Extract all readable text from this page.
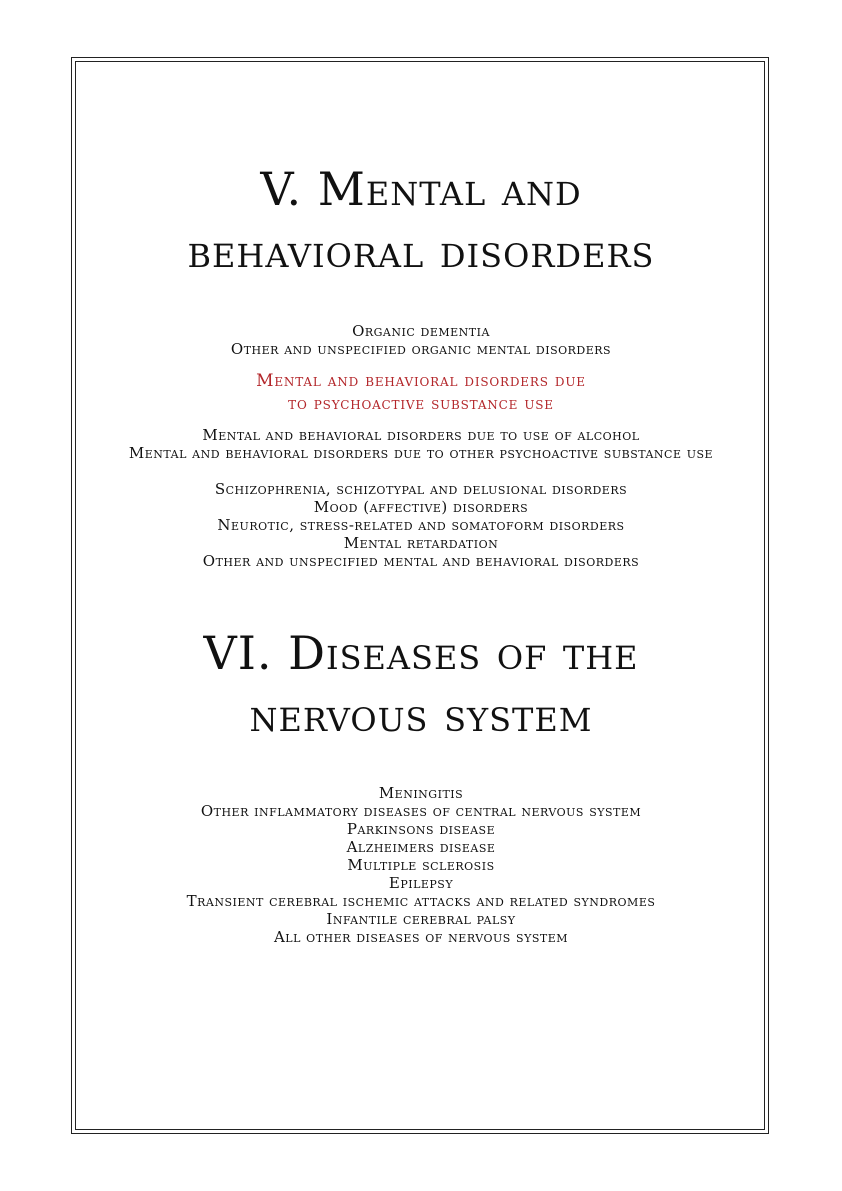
V. Mental and
behavioral disorders
Organic dementia
Other and unspecified organic mental disorders
Mental and behavioral disorders due
to psychoactive substance use
Mental and behavioral disorders due to use of alcohol
Mental and behavioral disorders due to other psychoactive substance use
Schizophrenia, schizotypal and delusional disorders
Mood (affective) disorders
Neurotic, stress-related and somatoform disorders
Mental retardation
Other and unspecified mental and behavioral disorders
VI. Diseases of the
nervous system
Meningitis
Other inflammatory diseases of central nervous system
Parkinsons disease
Alzheimers disease
Multiple sclerosis
Epilepsy
Transient cerebral ischemic attacks and related syndromes
Infantile cerebral palsy
All other diseases of nervous system
